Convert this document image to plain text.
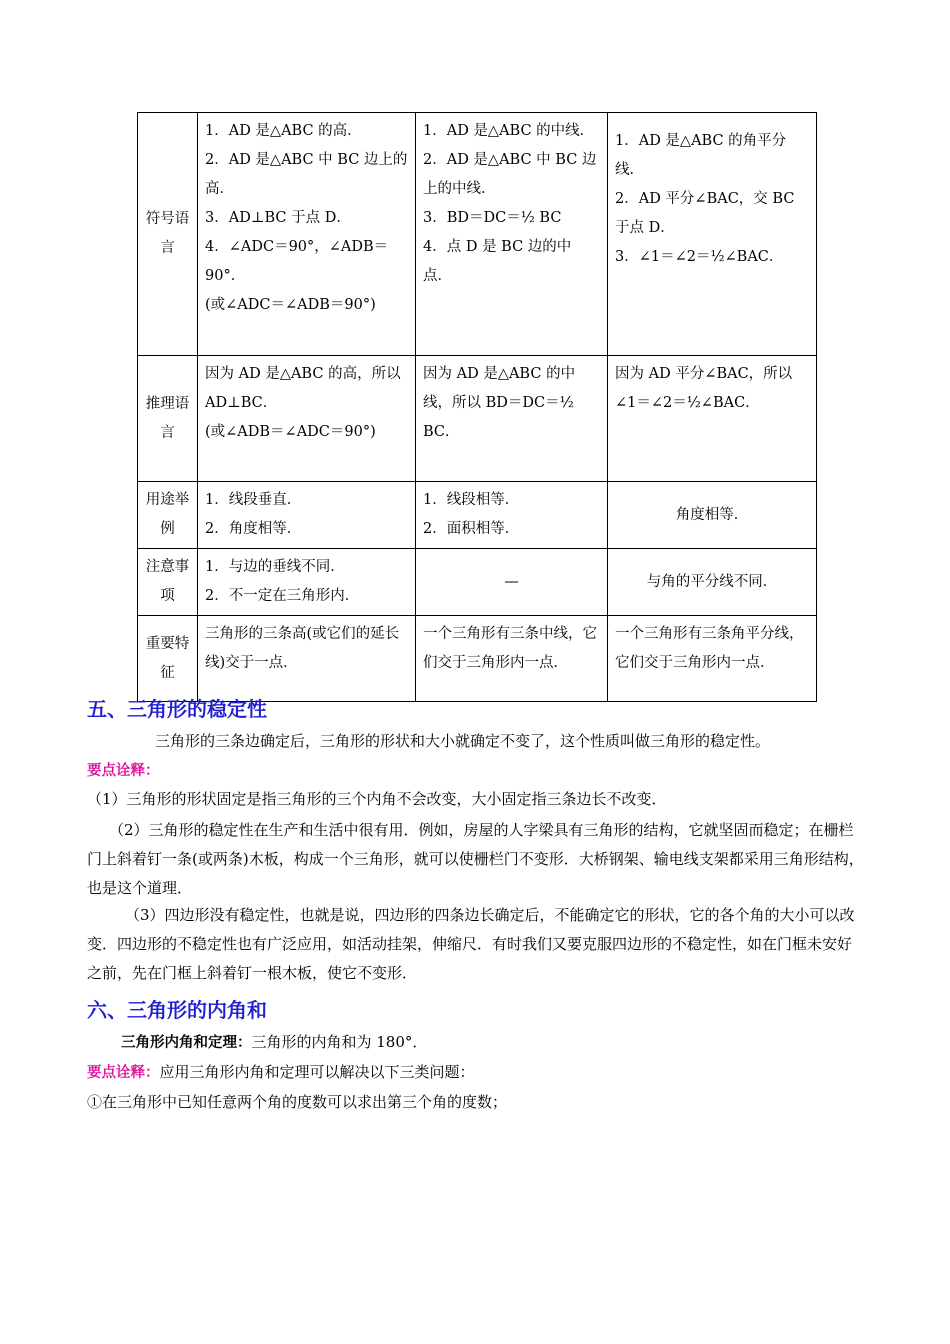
符号语言	1．AD 是△ABC 的高．
2．AD 是△ABC 中 BC 边上的高．
3．AD⊥BC 于点 D．
4．∠ADC＝90°，∠ADB＝90°．
(或∠ADC＝∠ADB＝90°)	1．AD 是△ABC 的中线．
2．AD 是△ABC 中 BC 边上的中线．
3．BD＝DC＝½ BC
4．点 D 是 BC 边的中点．	1．AD 是△ABC 的角平分线．
2．AD 平分∠BAC，交 BC 于点 D．
3．∠1＝∠2＝½∠BAC．

推理语言	因为 AD 是△ABC 的高，所以 AD⊥BC．
(或∠ADB＝∠ADC＝90°)	因为 AD 是△ABC 的中线，所以 BD＝DC＝½ BC．	因为 AD 平分∠BAC，所以∠1＝∠2＝½∠BAC．

用途举例	1．线段垂直．
2．角度相等．	1．线段相等．
2．面积相等．	角度相等．
注意事项	1．与边的垂线不同．
2．不一定在三角形内．	—	与角的平分线不同．
重要特征	三角形的三条高(或它们的延长线)交于一点．	一个三角形有三条中线，它们交于三角形内一点．	一个三角形有三条角平分线，它们交于三角形内一点．
五、三角形的稳定性

三角形的三条边确定后，三角形的形状和大小就确定不变了，这个性质叫做三角形的稳定性。

要点诠释：

（1）三角形的形状固定是指三角形的三个内角不会改变，大小固定指三条边长不改变．

（2）三角形的稳定性在生产和生活中很有用．例如，房屋的人字梁具有三角形的结构，它就坚固而稳定；在栅栏门上斜着钉一条(或两条)木板，构成一个三角形，就可以使栅栏门不变形．大桥钢架、输电线支架都采用三角形结构，也是这个道理．

（3）四边形没有稳定性，也就是说，四边形的四条边长确定后，不能确定它的形状，它的各个角的大小可以改变．四边形的不稳定性也有广泛应用，如活动挂架，伸缩尺．有时我们又要克服四边形的不稳定性，如在门框未安好之前，先在门框上斜着钉一根木板，使它不变形．

六、三角形的内角和

三角形内角和定理：三角形的内角和为 180°．

要点诠释：应用三角形内角和定理可以解决以下三类问题：

①在三角形中已知任意两个角的度数可以求出第三个角的度数；
